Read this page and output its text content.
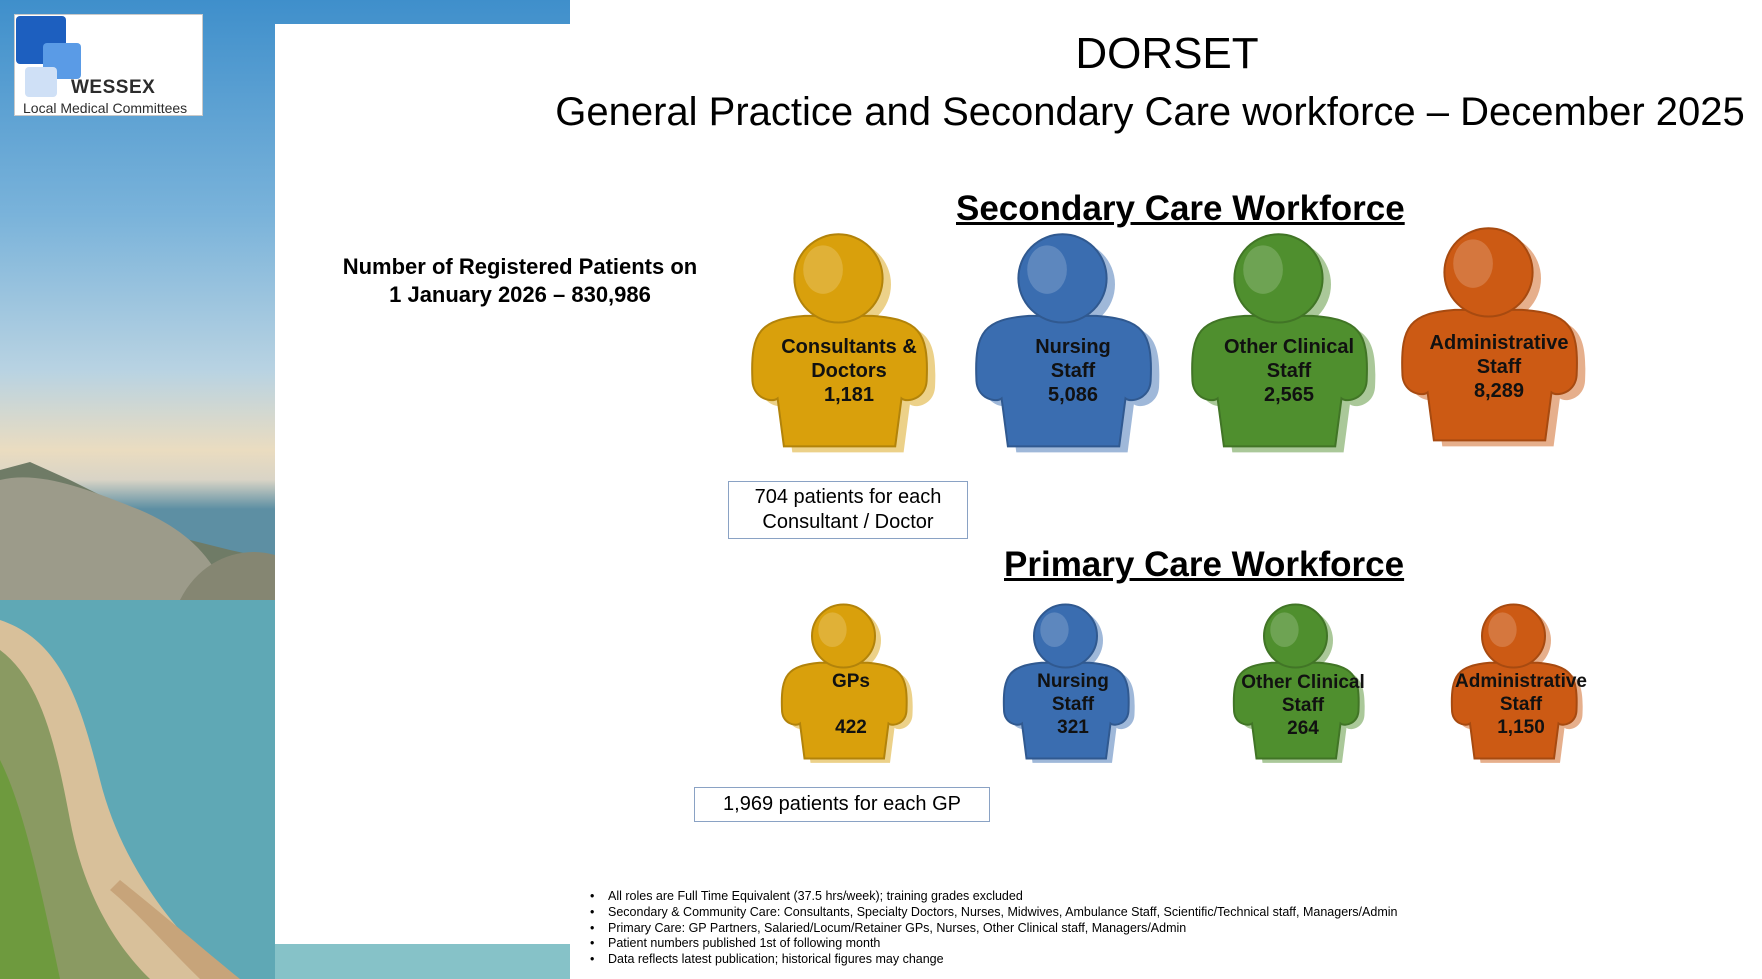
WESSEX
Local Medical Committees
DORSET
General Practice and Secondary Care workforce – December 2025
Number of Registered Patients on
1 January 2026 – 830,986
Secondary Care Workforce
Primary Care Workforce
Consultants &
Doctors
1,181
Nursing
Staff
5,086
Other Clinical
Staff
2,565
Administrative
Staff
8,289
704 patients for each
Consultant / Doctor
GPs
422
Nursing
Staff
321
Other Clinical
Staff
264
Administrative
Staff
1,150
1,969 patients for each GP
• All roles are Full Time Equivalent (37.5 hrs/week); training grades excluded
• Secondary & Community Care: Consultants, Specialty Doctors, Nurses, Midwives, Ambulance Staff, Scientific/Technical staff, Managers/Admin
• Primary Care: GP Partners, Salaried/Locum/Retainer GPs, Nurses, Other Clinical staff, Managers/Admin
• Patient numbers published 1st of following month
• Data reflects latest publication; historical figures may change
